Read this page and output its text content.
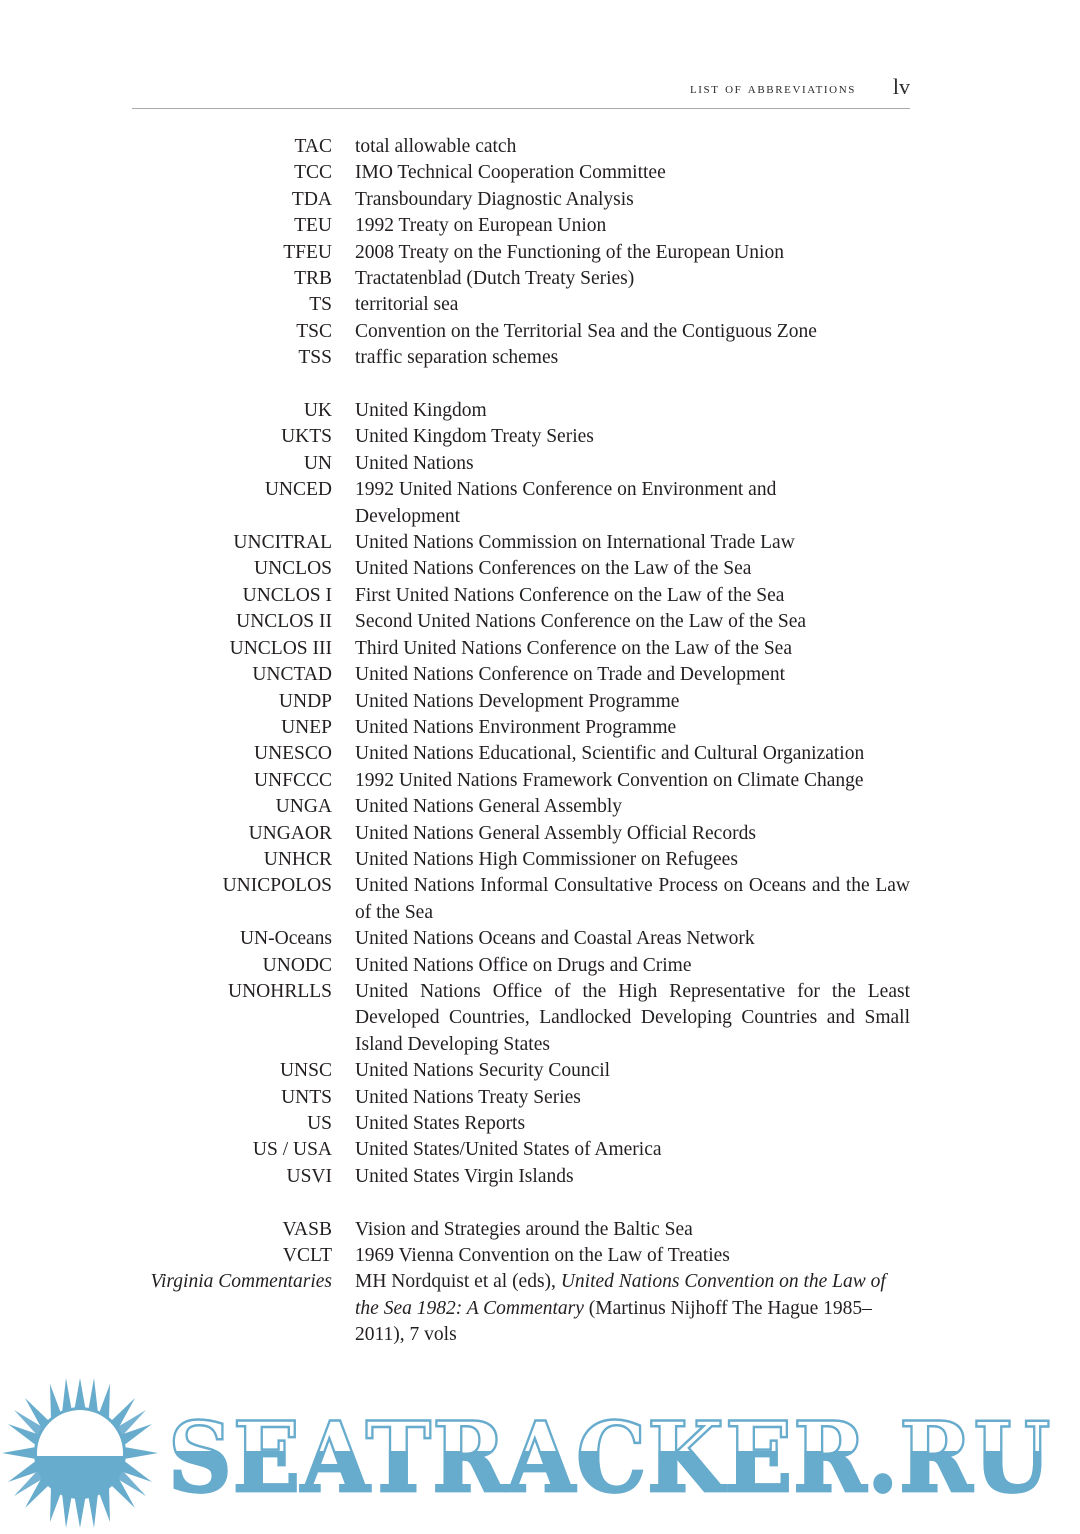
list of abbreviations lv
TAC total allowable catch
TCC IMO Technical Cooperation Committee
TDA Transboundary Diagnostic Analysis
TEU 1992 Treaty on European Union
TFEU 2008 Treaty on the Functioning of the European Union
TRB Tractatenblad (Dutch Treaty Series)
TS territorial sea
TSC Convention on the Territorial Sea and the Contiguous Zone
TSS traffic separation schemes
UK United Kingdom
UKTS United Kingdom Treaty Series
UN United Nations
UNCED 1992 United Nations Conference on Environment and Development
UNCITRAL United Nations Commission on International Trade Law
UNCLOS United Nations Conferences on the Law of the Sea
UNCLOS I First United Nations Conference on the Law of the Sea
UNCLOS II Second United Nations Conference on the Law of the Sea
UNCLOS III Third United Nations Conference on the Law of the Sea
UNCTAD United Nations Conference on Trade and Development
UNDP United Nations Development Programme
UNEP United Nations Environment Programme
UNESCO United Nations Educational, Scientific and Cultural Organization
UNFCCC 1992 United Nations Framework Convention on Climate Change
UNGA United Nations General Assembly
UNGAOR United Nations General Assembly Official Records
UNHCR United Nations High Commissioner on Refugees
UNICPOLOS United Nations Informal Consultative Process on Oceans and the Law of the Sea
UN-Oceans United Nations Oceans and Coastal Areas Network
UNODC United Nations Office on Drugs and Crime
UNOHRLLS United Nations Office of the High Representative for the Least Developed Countries, Landlocked Developing Countries and Small Island Developing States
UNSC United Nations Security Council
UNTS United Nations Treaty Series
US United States Reports
US / USA United States/United States of America
USVI United States Virgin Islands
VASB Vision and Strategies around the Baltic Sea
VCLT 1969 Vienna Convention on the Law of Treaties
Virginia Commentaries MH Nordquist et al (eds), United Nations Convention on the Law of the Sea 1982: A Commentary (Martinus Nijhoff The Hague 1985–2011), 7 vols
SEATRACKER.RU
